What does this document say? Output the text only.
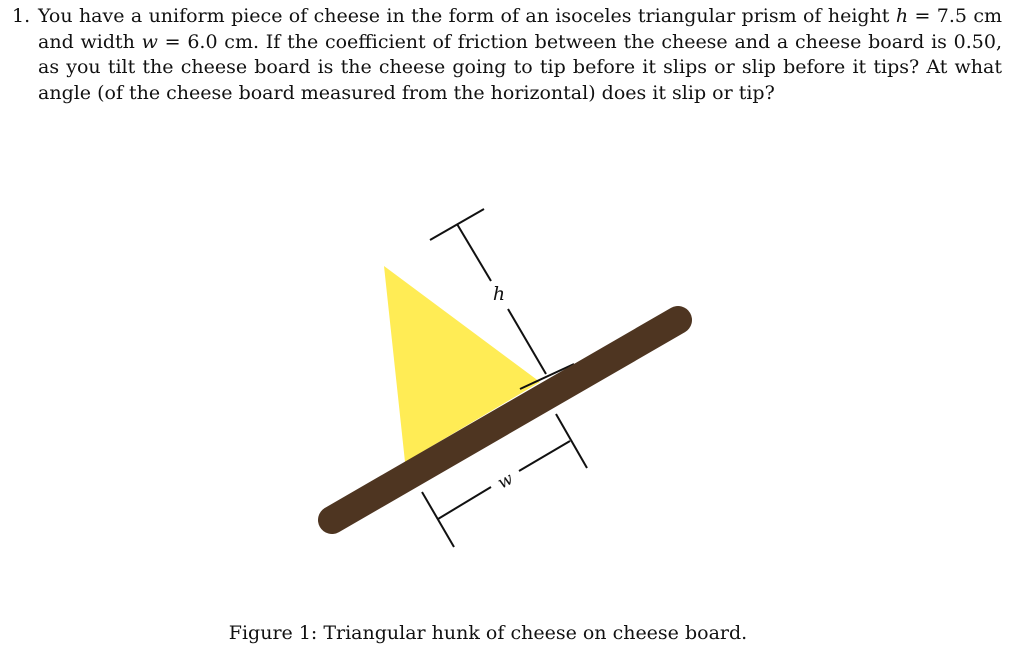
1. You have a uniform piece of cheese in the form of an isoceles triangular prism of height h = 7.5 cm and width w = 6.0 cm. If the coefficient of friction between the cheese and a cheese board is 0.50, as you tilt the cheese board is the cheese going to tip before it slips or slip before it tips? At what angle (of the cheese board measured from the horizontal) does it slip or tip?
h
w
Figure 1: Triangular hunk of cheese on cheese board.
